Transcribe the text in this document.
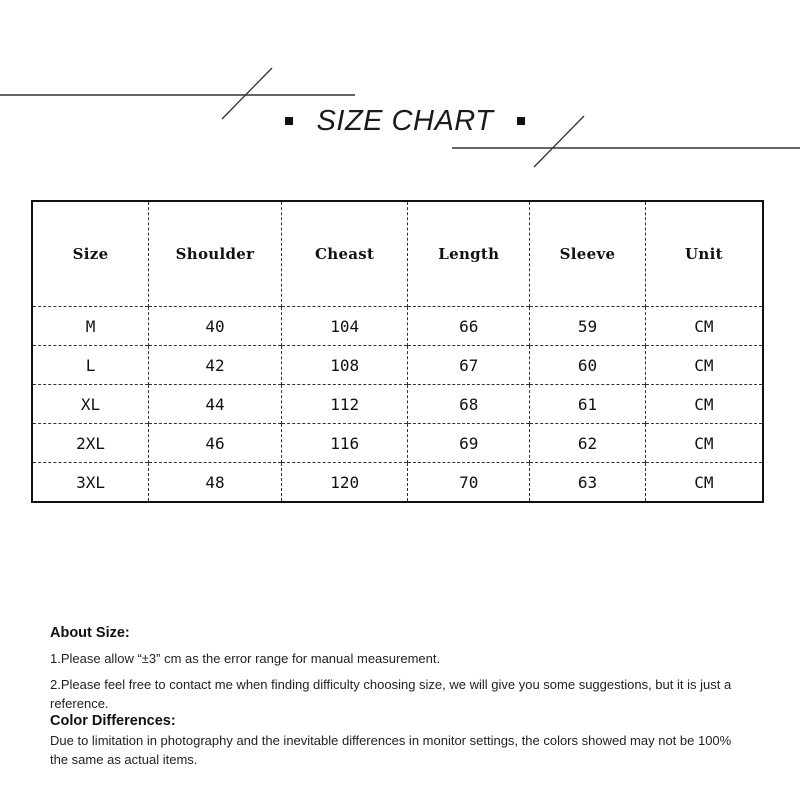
SIZE CHART
Size	Shoulder	Cheast	Length	Sleeve	Unit
M	40	104	66	59	CM
L	42	108	67	60	CM
XL	44	112	68	61	CM
2XL	46	116	69	62	CM
3XL	48	120	70	63	CM

About Size:

1.Please allow “±3” cm as the error range for manual measurement.

2.Please feel free to contact me when finding difficulty choosing size, we will give you some suggestions, but it is just a reference.

Color Differences:

Due to limitation in photography and the inevitable differences in monitor settings, the colors showed may not be 100% the same as actual items.
